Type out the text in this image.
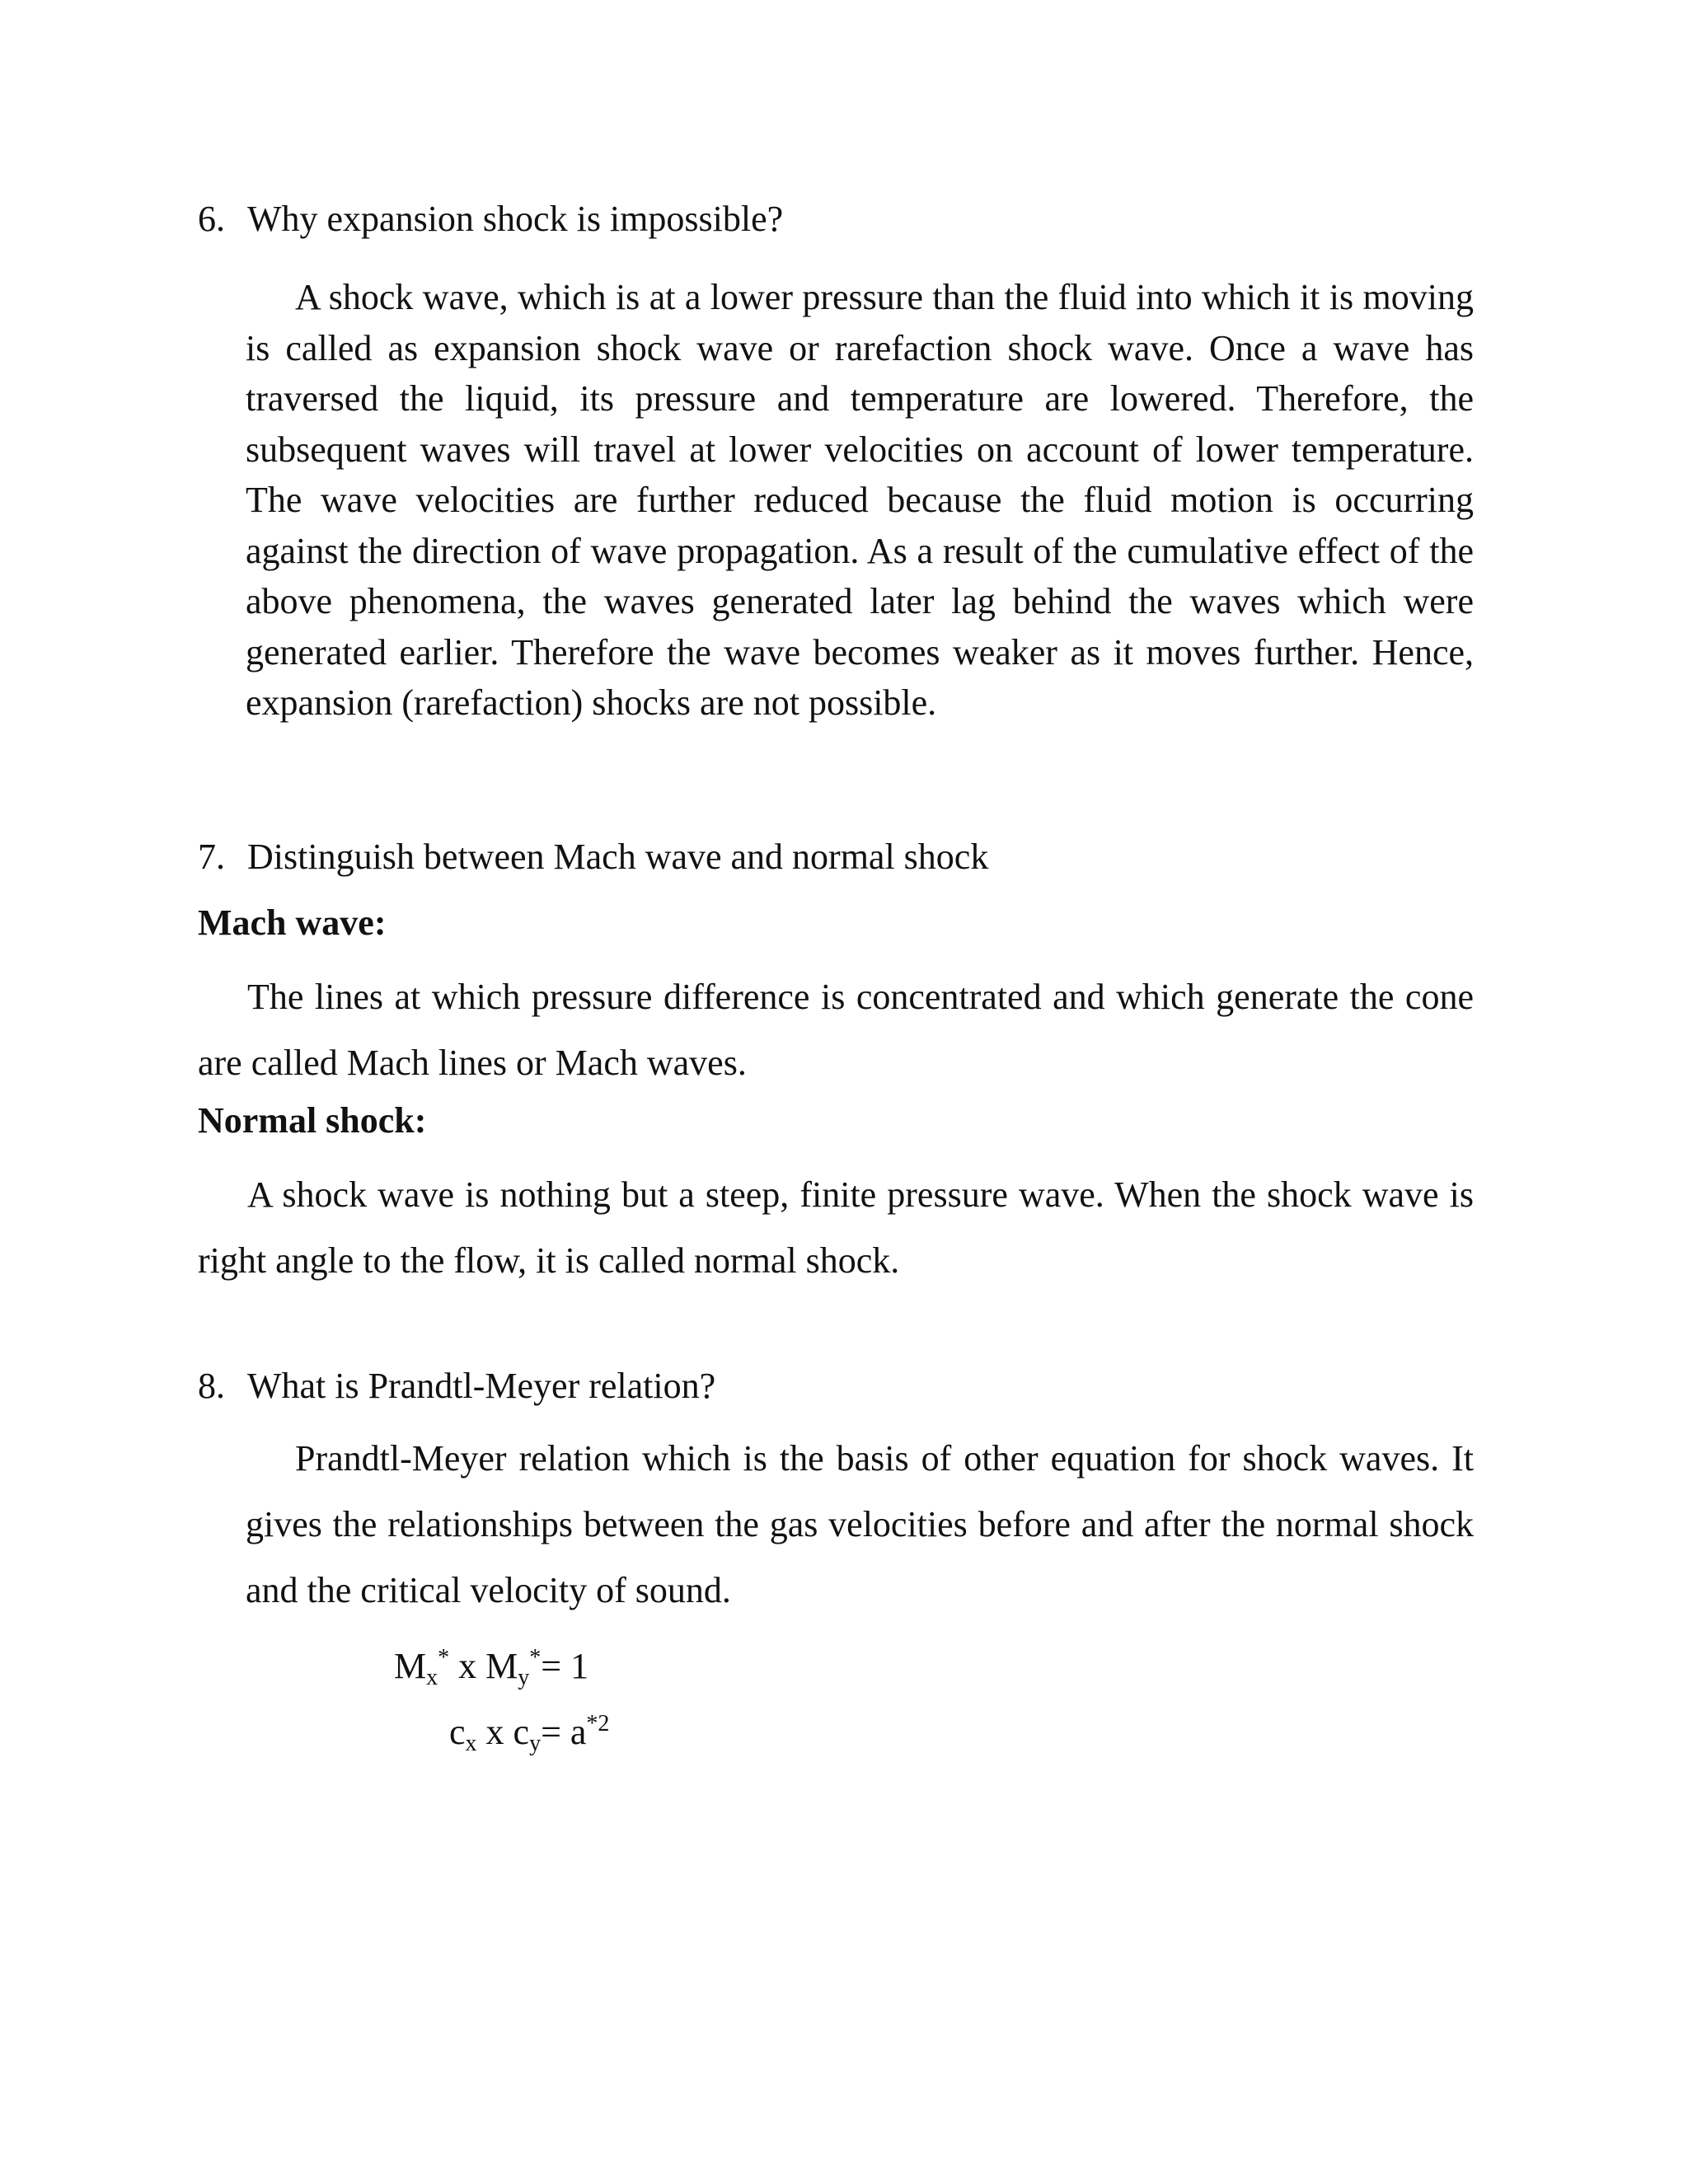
6. Why expansion shock is impossible?

A shock wave, which is at a lower pressure than the fluid into which it is moving is called as expansion shock wave or rarefaction shock wave. Once a wave has traversed the liquid, its pressure and temperature are lowered. Therefore, the subsequent waves will travel at lower velocities on account of lower temperature. The wave velocities are further reduced because the fluid motion is occurring against the direction of wave propagation. As a result of the cumulative effect of the above phenomena, the waves generated later lag behind the waves which were generated earlier. Therefore the wave becomes weaker as it moves further. Hence, expansion (rarefaction) shocks are not possible.

7. Distinguish between Mach wave and normal shock
Mach wave:

The lines at which pressure difference is concentrated and which generate the cone are called Mach lines or Mach waves.

Normal shock:

A shock wave is nothing but a steep, finite pressure wave. When the shock wave is right angle to the flow, it is called normal shock.

8. What is Prandtl-Meyer relation?

Prandtl-Meyer relation which is the basis of other equation for shock waves. It gives the relationships between the gas velocities before and after the normal shock and the critical velocity of sound.

$M_x^*$ x $M_y^*= 1$
$c_x$ x $c_y= a^{*2}$
